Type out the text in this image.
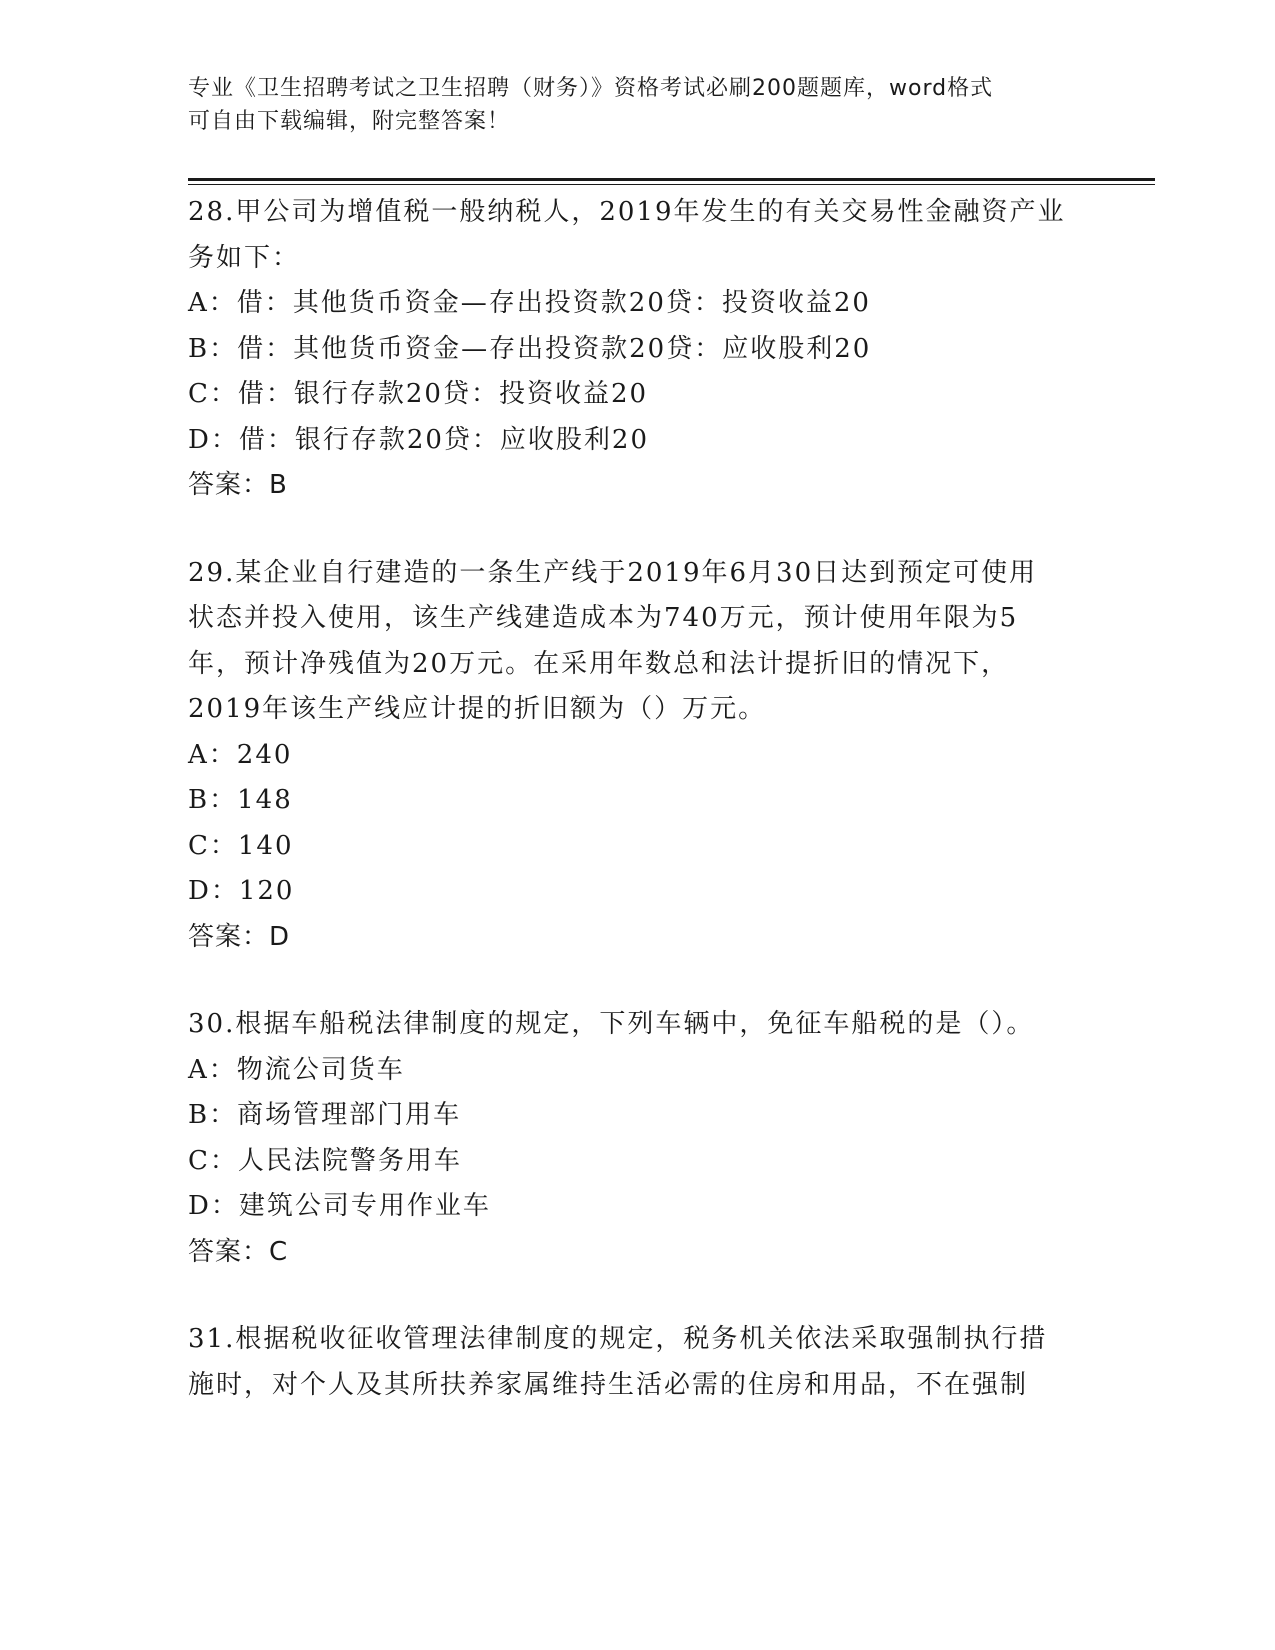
专业《卫生招聘考试之卫生招聘（财务）》资格考试必刷200题题库，word格式

可自由下载编辑，附完整答案！

28.甲公司为增值税一般纳税人，2019年发生的有关交易性金融资产业

务如下：

A：借：其他货币资金—存出投资款20贷：投资收益20

B：借：其他货币资金—存出投资款20贷：应收股利20

C：借：银行存款20贷：投资收益20

D：借：银行存款20贷：应收股利20

答案：B

29.某企业自行建造的一条生产线于2019年6月30日达到预定可使用

状态并投入使用，该生产线建造成本为740万元，预计使用年限为5

年，预计净残值为20万元。在采用年数总和法计提折旧的情况下，

2019年该生产线应计提的折旧额为（）万元。

A：240

B：148

C：140

D：120

答案：D

30.根据车船税法律制度的规定，下列车辆中，免征车船税的是（）。

A：物流公司货车

B：商场管理部门用车

C：人民法院警务用车

D：建筑公司专用作业车

答案：C

31.根据税收征收管理法律制度的规定，税务机关依法采取强制执行措

施时，对个人及其所扶养家属维持生活必需的住房和用品，不在强制
